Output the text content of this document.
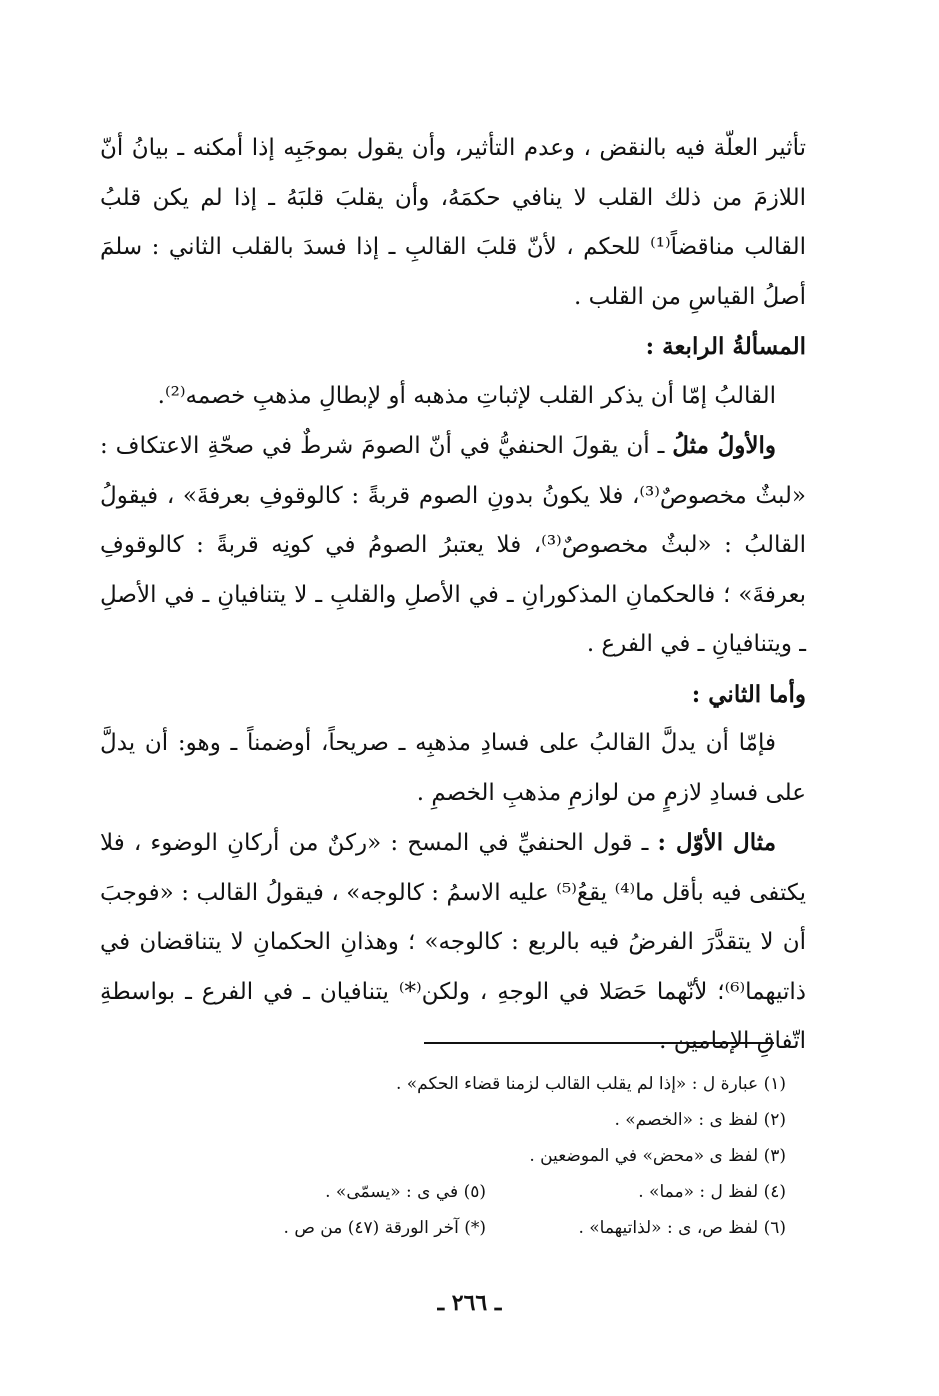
تأثير العلّة فيه بالنقض ، وعدم التأثير، وأن يقول بموجَبِه إذا أمكنه ـ بيانُ أنّ اللازمَ من ذلك القلب لا ينافي حكمَهُ، وأن يقلبَ قلبَهُ ـ إذا لم يكن قلبُ القالب مناقضاً⁽¹⁾ للحكم ، لأنّ قلبَ القالبِ ـ إذا فسدَ بالقلب الثاني : سلمَ أصلُ القياسِ من القلب .

المسألةُ الرابعة :

القالبُ إمّا أن يذكر القلب لإثباتِ مذهبه أو لإبطالِ مذهبِ خصمه⁽²⁾.

والأولُ مثلُ ـ أن يقولَ الحنفيُّ في أنّ الصومَ شرطٌ في صحّةِ الاعتكاف : «لبثٌ مخصوصٌ⁽³⁾، فلا يكونُ بدونِ الصوم قربةً : كالوقوفِ بعرفةَ» ، فيقولُ القالبُ : «لبثٌ مخصوصٌ⁽³⁾، فلا يعتبرُ الصومُ في كونِه قربةً : كالوقوفِ بعرفةَ» ؛ فالحكمانِ المذكورانِ ـ في الأصلِ والقلبِ ـ لا يتنافيانِ ـ في الأصلِ ـ ويتنافيانِ ـ في الفرع .

وأما الثاني :

فإمّا أن يدلَّ القالبُ على فسادِ مذهبِه ـ صريحاً، أوضمناً ـ وهو: أن يدلَّ على فسادِ لازمٍ من لوازمِ مذهبِ الخصمِ .

مثال الأوّل : ـ قول الحنفيِّ في المسح : «ركنٌ من أركانِ الوضوء ، فلا يكتفى فيه بأقل ما⁽⁴⁾ يقعُ⁽⁵⁾ عليه الاسمُ : كالوجه» ، فيقولُ القالب : «فوجبَ أن لا يتقدَّرَ الفرضُ فيه بالربع : كالوجه» ؛ وهذانِ الحكمانِ لا يتناقضان في ذاتيهما⁽⁶⁾؛ لأنّهما حَصَلا في الوجهِ ، ولكن⁽*⁾ يتنافيان ـ في الفرع ـ بواسطةِ اتّفاقِ الإمامين .

(١) عبارة ل : «إذا لم يقلب القالب لزمنا قضاء الحكم» .
(٢) لفظ ى : «الخصم» .
(٣) لفظ ى «محض» في الموضعين .
(٤) لفظ ل : «مما» .
(٥) في ى : «يسمّى» .
(٦) لفظ ص، ى : «لذاتيهما» .
(*) آخر الورقة (٤٧) من ص .
ـ ٢٦٦ ـ
